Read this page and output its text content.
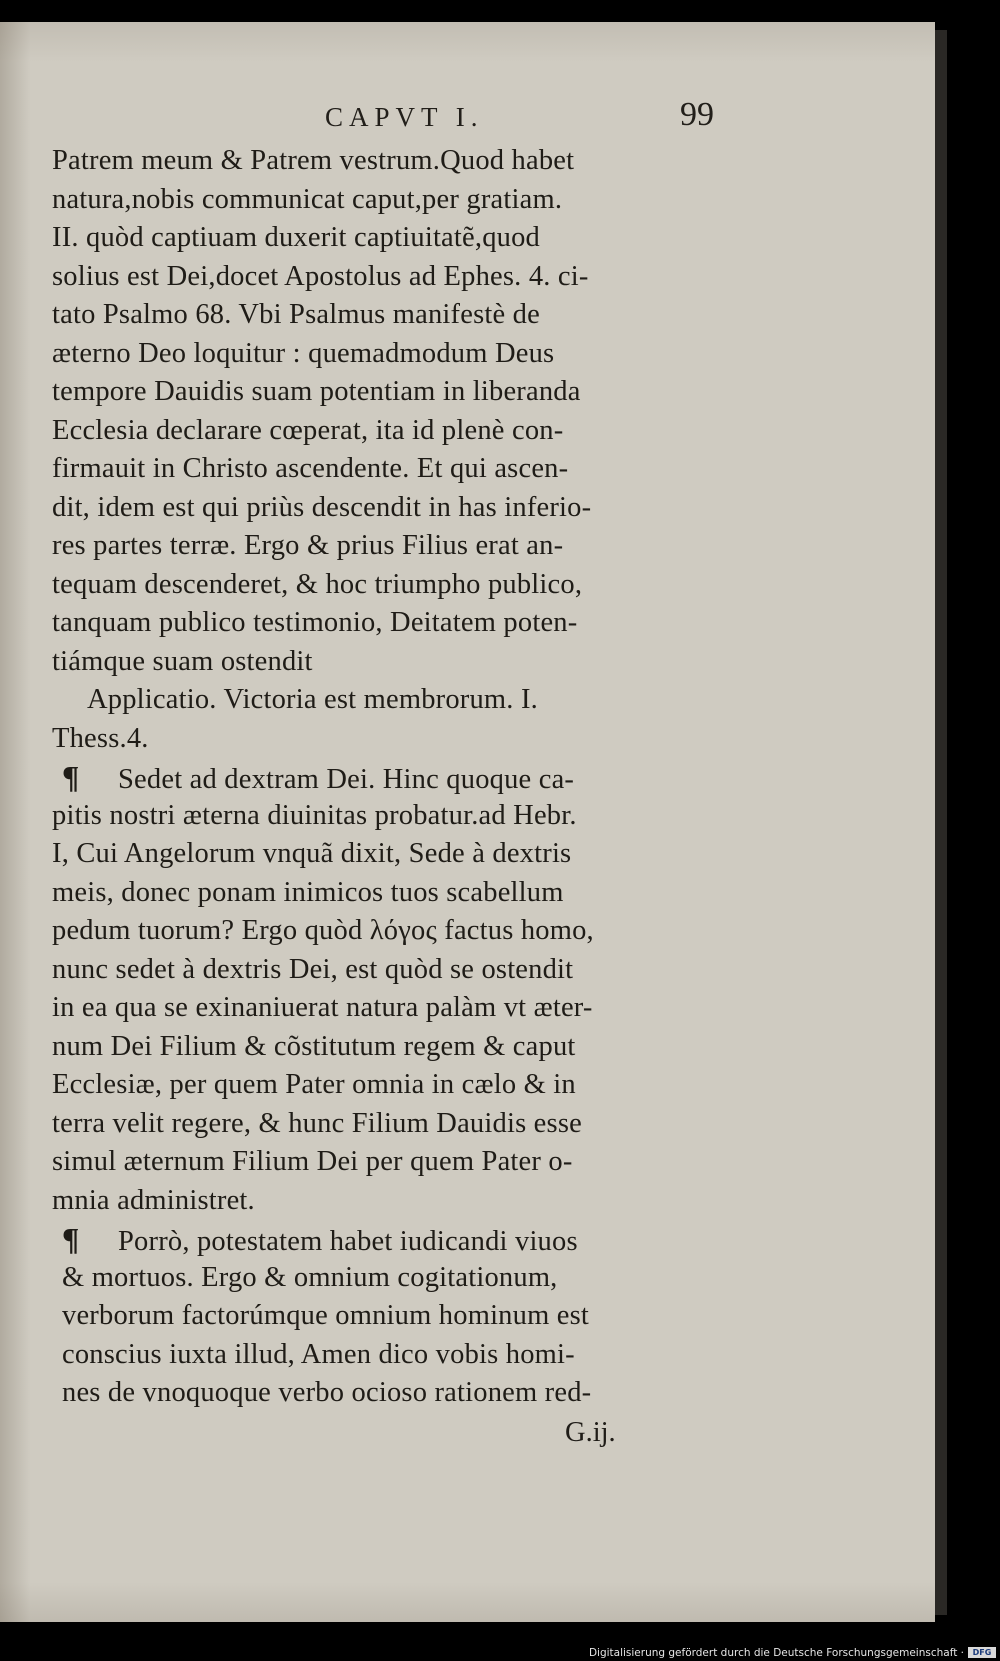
CAPVT I.	99
Patrem meum & Patrem vestrum.Quod habet
natura,nobis communicat caput,per gratiam.
II. quòd captiuam duxerit captiuitatẽ,quod
solius est Dei,docet Apostolus ad Ephes. 4. ci-
tato Psalmo 68. Vbi Psalmus manifestè de
æterno Deo loquitur : quemadmodum Deus
tempore Dauidis suam potentiam in liberanda
Ecclesia declarare cœperat, ita id plenè con-
firmauit in Christo ascendente. Et qui ascen-
dit, idem est qui priùs descendit in has inferio-
res partes terræ. Ergo & prius Filius erat an-
tequam descenderet, & hoc triumpho publico,
tanquam publico testimonio, Deitatem poten-
tiámque suam ostendit
Applicatio. Victoria est membrorum. I.
Thess.4.
¶ Sedet ad dextram Dei. Hinc quoque ca-
pitis nostri æterna diuinitas probatur.ad Hebr.
I, Cui Angelorum vnquã dixit, Sede à dextris
meis, donec ponam inimicos tuos scabellum
pedum tuorum? Ergo quòd λόγος factus homo,
nunc sedet à dextris Dei, est quòd se ostendit
in ea qua se exinaniuerat natura palàm vt æter-
num Dei Filium & cõstitutum regem & caput
Ecclesiæ, per quem Pater omnia in cælo & in
terra velit regere, & hunc Filium Dauidis esse
simul æternum Filium Dei per quem Pater o-
mnia administret.
¶ Porrò, potestatem habet iudicandi viuos
& mortuos. Ergo & omnium cogitationum,
verborum factorúmque omnium hominum est
conscius iuxta illud, Amen dico vobis homi-
nes de vnoquoque verbo ocioso rationem red-
G.ij.
Digitalisierung gefördert durch die Deutsche Forschungsgemeinschaft ·	DFG
